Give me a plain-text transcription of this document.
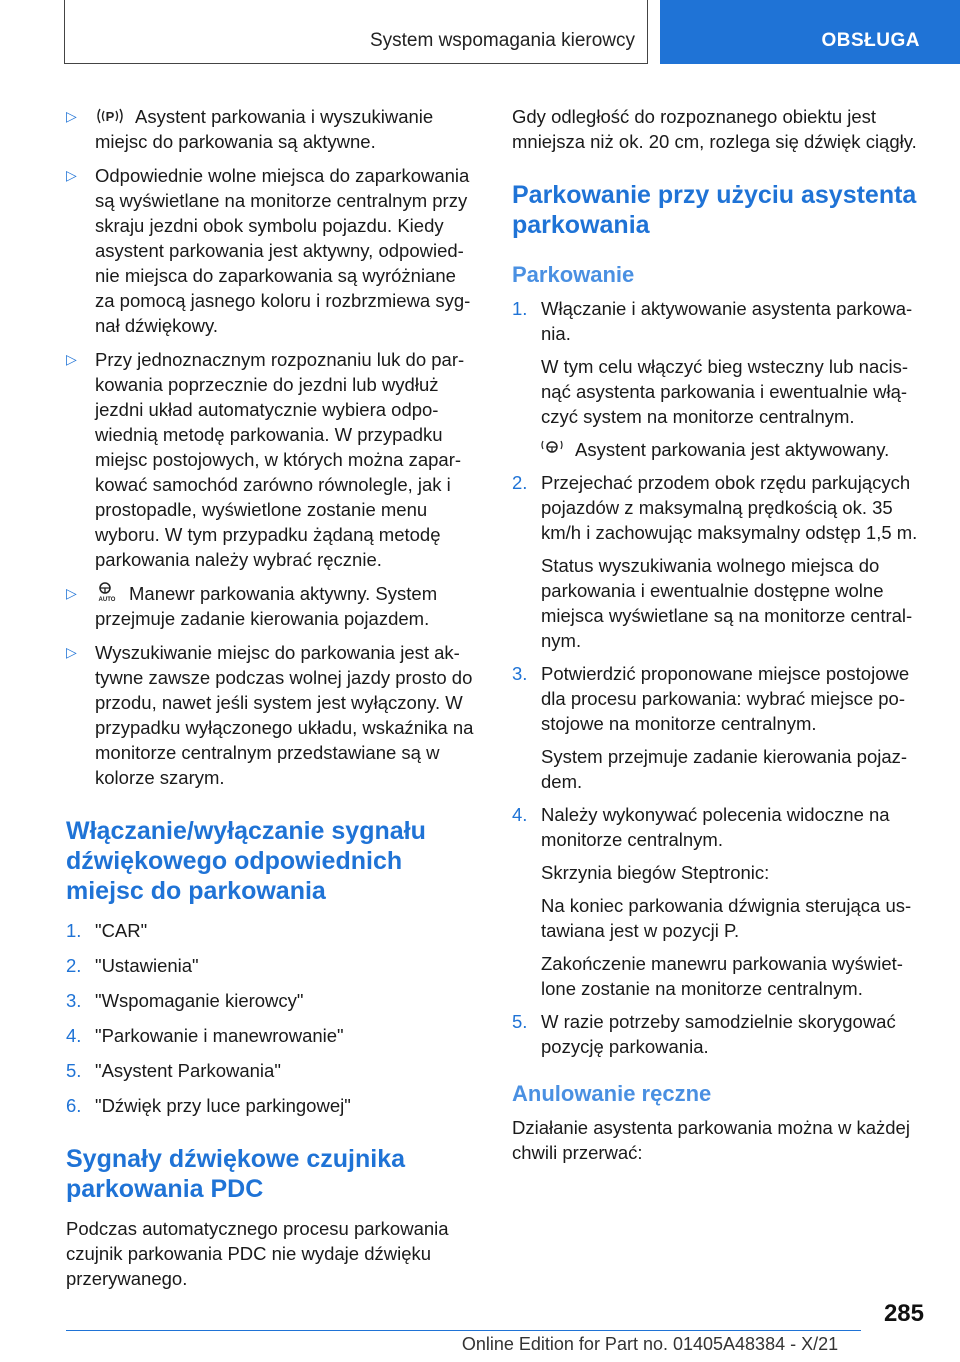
System wspomagania kierowcy	OBSŁUGA
▷ P Asystent parkowania i wyszukiwanie miejsc do parkowania są aktywne.
▷ Odpowiednie wolne miejsca do zaparkowania są wyświetlane na monitorze centralnym przy skraju jezdni obok symbolu pojazdu. Kiedy asystent parkowania jest aktywny, odpowied-nie miejsca do zaparkowania są wyróżniane za pomocą jasnego koloru i rozbrzmiewa syg-nał dźwiękowy.
▷ Przy jednoznacznym rozpoznaniu luk do par-kowania poprzecznie do jezdni lub wydłuż jezdni układ automatycznie wybiera odpo-wiednią metodę parkowania. W przypadku miejsc postojowych, w których można zapar-kować samochód zarówno równolegle, jak i prostopadle, wyświetlone zostanie menu wyboru. W tym przypadku żądaną metodę parkowania należy wybrać ręcznie.
▷	AUTO Manewr parkowania aktywny. System przejmuje zadanie kierowania pojazdem.
▷ Wyszukiwanie miejsc do parkowania jest ak-tywne zawsze podczas wolnej jazdy prosto do przodu, nawet jeśli system jest wyłączony. W przypadku wyłączonego układu, wskaźnika na monitorze centralnym przedstawiane są w kolorze szarym.
Włączanie/wyłączanie sygnału dźwiękowego odpowiednich miejsc do parkowania
1. "CAR"
2. "Ustawienia"
3. "Wspomaganie kierowcy"
4. "Parkowanie i manewrowanie"
5. "Asystent Parkowania"
6. "Dźwięk przy luce parkingowej"
Sygnały dźwiękowe czujnika parkowania PDC

Podczas automatycznego procesu parkowania czujnik parkowania PDC nie wydaje dźwięku przerywanego.

Gdy odległość do rozpoznanego obiektu jest mniejsza niż ok. 20 cm, rozlega się dźwięk ciągły.

Parkowanie przy użyciu asystenta parkowania
Parkowanie
1. Włączanie i aktywowanie asystenta parkowa-nia.

W tym celu włączyć bieg wsteczny lub nacis-nąć asystenta parkowania i ewentualnie włą-czyć system na monitorze centralnym.

Asystent parkowania jest aktywowany.

2. Przejechać przodem obok rzędu parkujących pojazdów z maksymalną prędkością ok. 35 km/h i zachowując maksymalny odstęp 1,5 m.

Status wyszukiwania wolnego miejsca do parkowania i ewentualnie dostępne wolne miejsca wyświetlane są na monitorze central-nym.

3. Potwierdzić proponowane miejsce postojowe dla procesu parkowania: wybrać miejsce po-stojowe na monitorze centralnym.

System przejmuje zadanie kierowania pojaz-dem.

4. Należy wykonywać polecenia widoczne na monitorze centralnym.

Skrzynia biegów Steptronic:

Na koniec parkowania dźwignia sterująca us-tawiana jest w pozycji P.

Zakończenie manewru parkowania wyświet-lone zostanie na monitorze centralnym.

5. W razie potrzeby samodzielnie skorygować pozycję parkowania.

Anulowanie ręczne

Działanie asystenta parkowania można w każdej chwili przerwać:

285
Online Edition for Part no. 01405A48384 - X/21
